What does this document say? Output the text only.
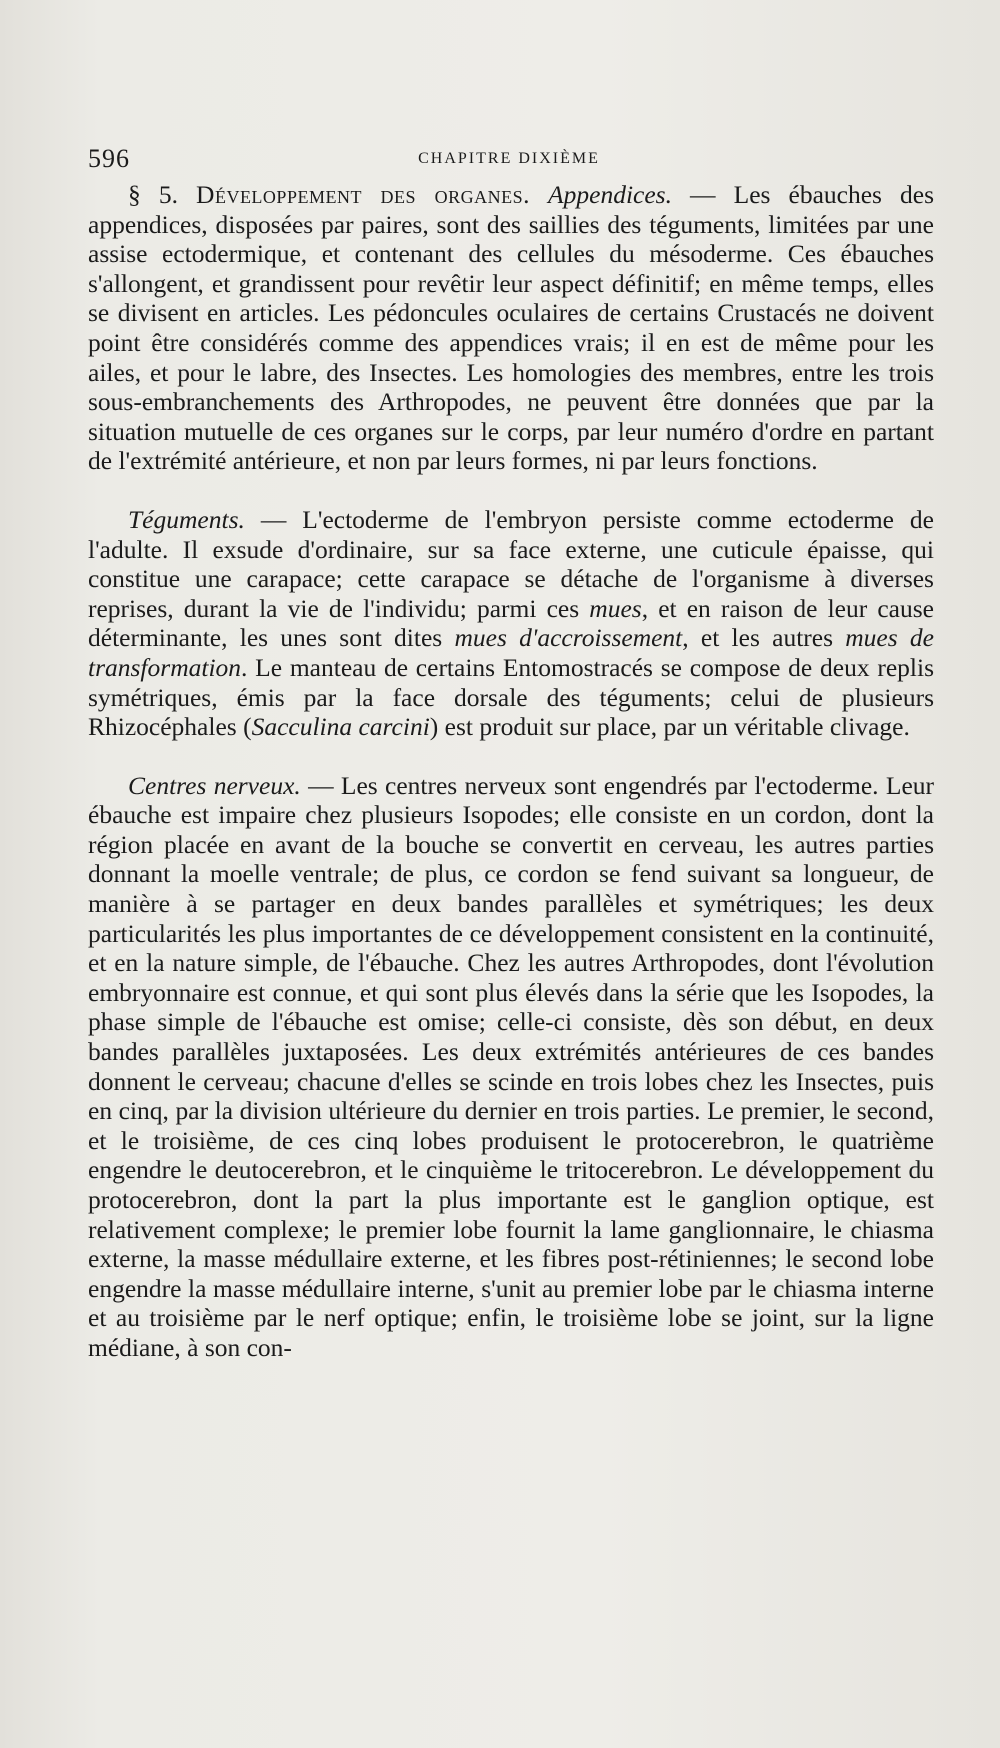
596	CHAPITRE DIXIÈME

§ 5. Développement des organes. Appendices. — Les ébauches des appendices, disposées par paires, sont des saillies des téguments, limitées par une assise ectodermique, et contenant des cellules du mésoderme. Ces ébauches s'allongent, et grandissent pour revêtir leur aspect définitif; en même temps, elles se divisent en articles. Les pédoncules oculaires de certains Crustacés ne doivent point être considérés comme des appendices vrais; il en est de même pour les ailes, et pour le labre, des Insectes. Les homologies des membres, entre les trois sous-embranchements des Arthropodes, ne peuvent être données que par la situation mutuelle de ces organes sur le corps, par leur numéro d'ordre en partant de l'extrémité antérieure, et non par leurs formes, ni par leurs fonctions.

Téguments. — L'ectoderme de l'embryon persiste comme ectoderme de l'adulte. Il exsude d'ordinaire, sur sa face externe, une cuticule épaisse, qui constitue une carapace; cette carapace se détache de l'organisme à diverses reprises, durant la vie de l'individu; parmi ces mues, et en raison de leur cause déterminante, les unes sont dites mues d'accroissement, et les autres mues de transformation. Le manteau de certains Entomostracés se compose de deux replis symétriques, émis par la face dorsale des téguments; celui de plusieurs Rhizocéphales (Sacculina carcini) est produit sur place, par un véritable clivage.

Centres nerveux. — Les centres nerveux sont engendrés par l'ectoderme. Leur ébauche est impaire chez plusieurs Isopodes; elle consiste en un cordon, dont la région placée en avant de la bouche se convertit en cerveau, les autres parties donnant la moelle ventrale; de plus, ce cordon se fend suivant sa longueur, de manière à se partager en deux bandes parallèles et symétriques; les deux particularités les plus importantes de ce développement consistent en la continuité, et en la nature simple, de l'ébauche. Chez les autres Arthropodes, dont l'évolution embryonnaire est connue, et qui sont plus élevés dans la série que les Isopodes, la phase simple de l'ébauche est omise; celle-ci consiste, dès son début, en deux bandes parallèles juxtaposées. Les deux extrémités antérieures de ces bandes donnent le cerveau; chacune d'elles se scinde en trois lobes chez les Insectes, puis en cinq, par la division ultérieure du dernier en trois parties. Le premier, le second, et le troisième, de ces cinq lobes produisent le protocerebron, le quatrième engendre le deutocerebron, et le cinquième le tritocerebron. Le développement du protocerebron, dont la part la plus importante est le ganglion optique, est relativement complexe; le premier lobe fournit la lame ganglionnaire, le chiasma externe, la masse médullaire externe, et les fibres post-rétiniennes; le second lobe engendre la masse médullaire interne, s'unit au premier lobe par le chiasma interne et au troisième par le nerf optique; enfin, le troisième lobe se joint, sur la ligne médiane, à son con-
